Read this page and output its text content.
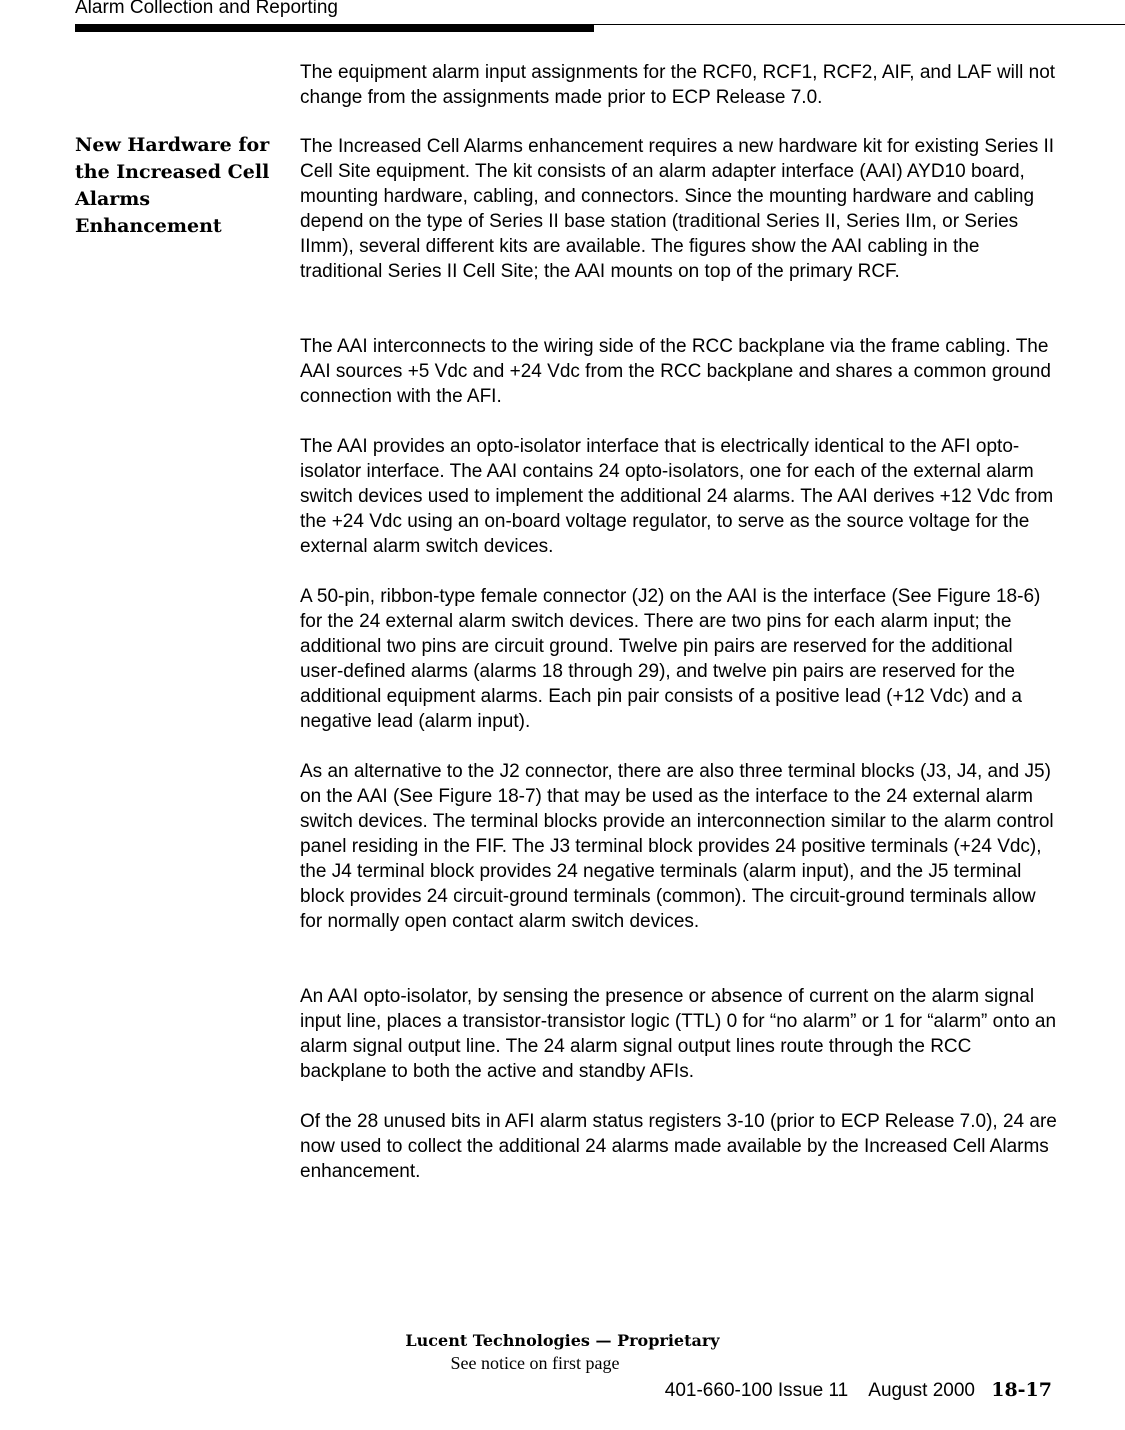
Alarm Collection and Reporting

The equipment alarm input assignments for the RCF0, RCF1, RCF2, AIF, and LAF will not change from the assignments made prior to ECP Release 7.0.

New Hardware for the Increased Cell Alarms Enhancement

The Increased Cell Alarms enhancement requires a new hardware kit for existing Series II Cell Site equipment. The kit consists of an alarm adapter interface (AAI) AYD10 board, mounting hardware, cabling, and connectors. Since the mounting hardware and cabling depend on the type of Series II base station (traditional Series II, Series IIm, or Series IImm), several different kits are available. The figures show the AAI cabling in the traditional Series II Cell Site; the AAI mounts on top of the primary RCF.

The AAI interconnects to the wiring side of the RCC backplane via the frame cabling. The AAI sources +5 Vdc and +24 Vdc from the RCC backplane and shares a common ground connection with the AFI.

The AAI provides an opto-isolator interface that is electrically identical to the AFI opto-isolator interface. The AAI contains 24 opto-isolators, one for each of the external alarm switch devices used to implement the additional 24 alarms. The AAI derives +12 Vdc from the +24 Vdc using an on-board voltage regulator, to serve as the source voltage for the external alarm switch devices.

A 50-pin, ribbon-type female connector (J2) on the AAI is the interface (See Figure 18-6) for the 24 external alarm switch devices. There are two pins for each alarm input; the additional two pins are circuit ground. Twelve pin pairs are reserved for the additional user-defined alarms (alarms 18 through 29), and twelve pin pairs are reserved for the additional equipment alarms. Each pin pair consists of a positive lead (+12 Vdc) and a negative lead (alarm input).

As an alternative to the J2 connector, there are also three terminal blocks (J3, J4, and J5) on the AAI (See Figure 18-7) that may be used as the interface to the 24 external alarm switch devices. The terminal blocks provide an interconnection similar to the alarm control panel residing in the FIF. The J3 terminal block provides 24 positive terminals (+24 Vdc), the J4 terminal block provides 24 negative terminals (alarm input), and the J5 terminal block provides 24 circuit-ground terminals (common). The circuit-ground terminals allow for normally open contact alarm switch devices.

An AAI opto-isolator, by sensing the presence or absence of current on the alarm signal input line, places a transistor-transistor logic (TTL) 0 for “no alarm” or 1 for “alarm” onto an alarm signal output line. The 24 alarm signal output lines route through the RCC backplane to both the active and standby AFIs.

Of the 28 unused bits in AFI alarm status registers 3-10 (prior to ECP Release 7.0), 24 are now used to collect the additional 24 alarms made available by the Increased Cell Alarms enhancement.

Lucent Technologies — Proprietary
See notice on first page
401-660-100 Issue 11    August 2000 18-17
